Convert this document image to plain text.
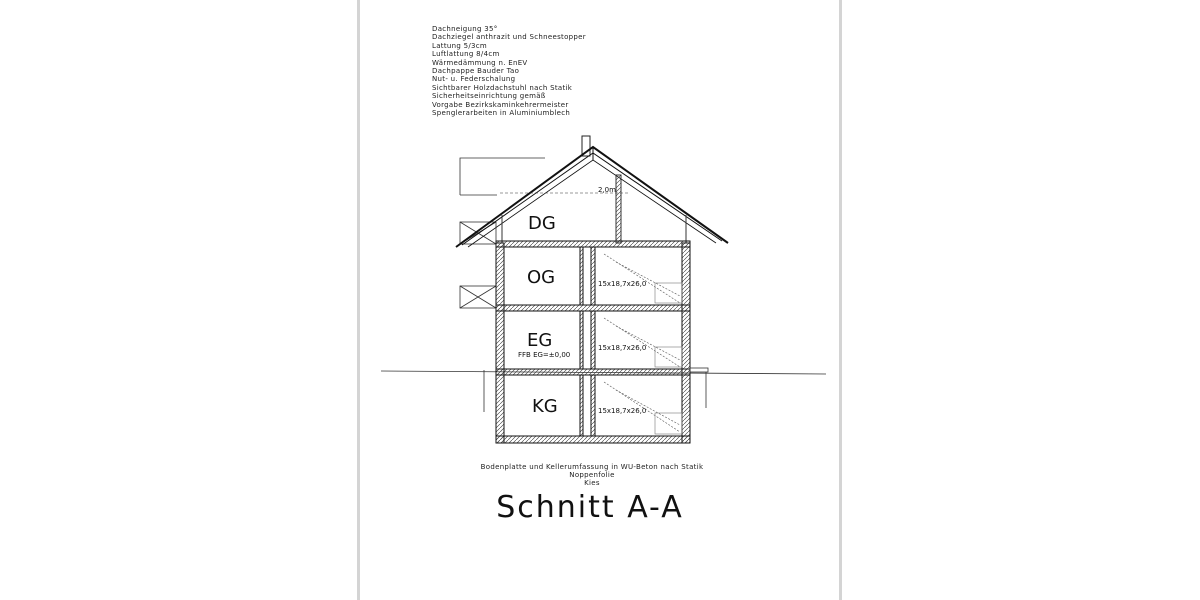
Dachneigung 35°
Dachziegel anthrazit und Schneestopper
Lattung 5/3cm
Luftlattung 8/4cm
Wärmedämmung n. EnEV
Dachpappe Bauder Tao
Nut- u. Federschalung
Sichtbarer Holzdachstuhl nach Statik
Sicherheitseinrichtung gemäß
Vorgabe Bezirkskaminkehrermeister
Spenglerarbeiten in Aluminiumblech
DG
OG
EG
KG
FFB EG=±0,00
15x18,7x26,0
15x18,7x26,0
15x18,7x26,0
2,0m
Bodenplatte und Kellerumfassung in WU-Beton nach Statik
Noppenfolie
Kies
Schnitt A-A
